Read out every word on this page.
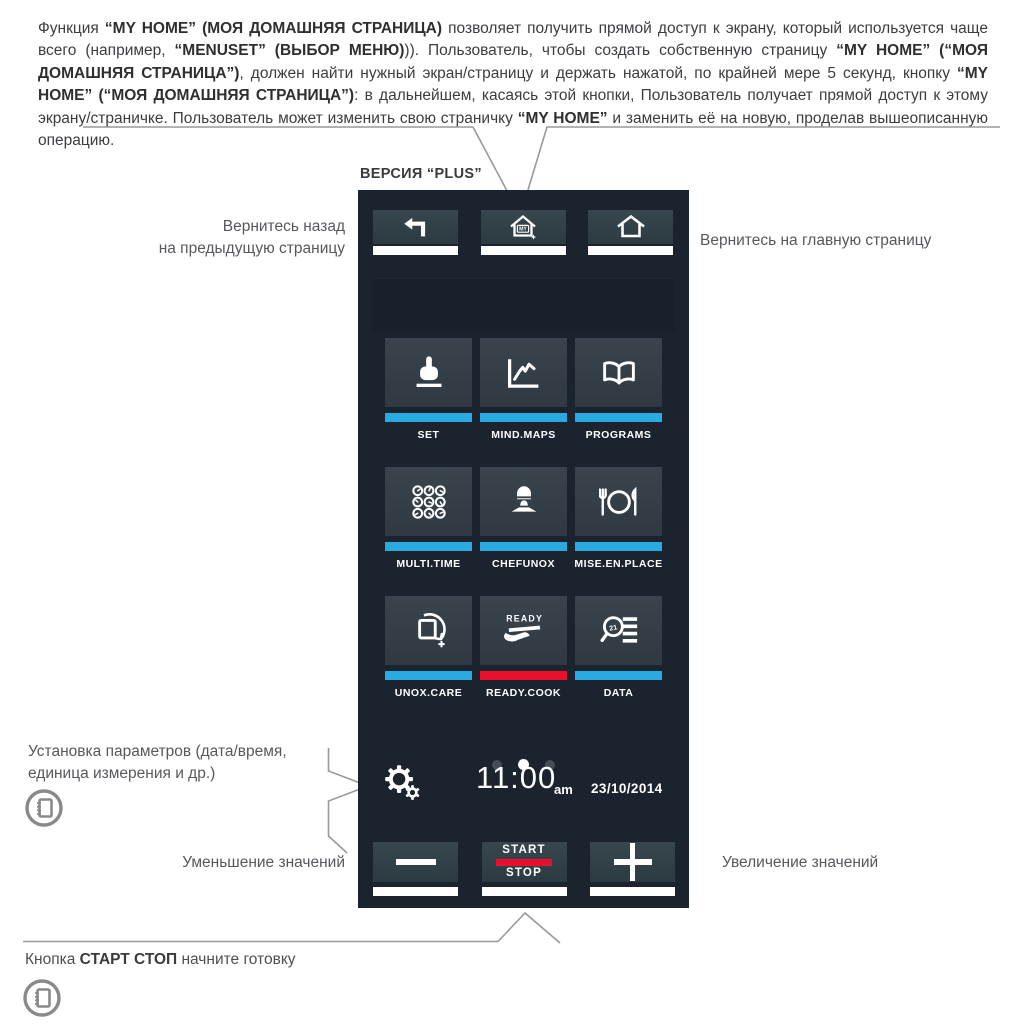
Функция “MY HOME” (МОЯ ДОМАШНЯЯ СТРАНИЦА) позволяет получить прямой доступ к экрану, который используется чаще всего (например, “MENUSET” (ВЫБОР МЕНЮ))). Пользователь, чтобы создать собственную страницу “MY HOME” (“МОЯ ДОМАШНЯЯ СТРАНИЦА”), должен найти нужный экран/страницу и держать нажатой, по крайней мере 5 секунд, кнопку “MY HOME” (“МОЯ ДОМАШНЯЯ СТРАНИЦА”): в дальнейшем, касаясь этой кнопки, Пользователь получает прямой доступ к этому экрану/страничке. Пользователь может изменить свою страничку “MY HOME” и заменить её на новую, проделав вышеописанную операцию.

ВЕРСИЯ “PLUS”
MY
SET	MIND.MAPS	PROGRAMS
MULTI.TIME	CHEFUNOX MISE.EN.PLACE
UNOX.CARE
READY
READY.COOK
21
DATA
11:00
am 23/10/2014
START
STOP
Вернитесь назад
на предыдущую страницу	Вернитесь на главную страницу
Установка параметров (дата/время,
единица измерения и др.)
Уменьшение значений	Увеличение значений
Кнопка СТАРТ СТОП начните готовку
